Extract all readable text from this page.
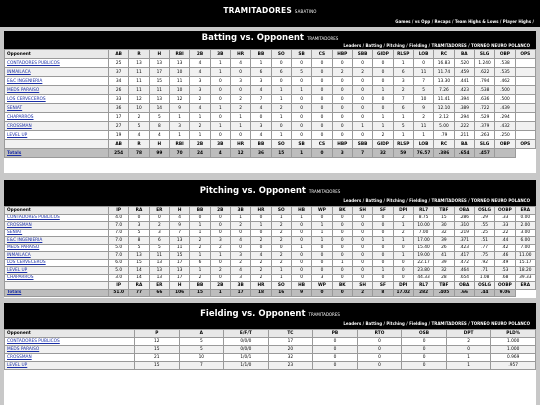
TRAMITADORES SABATINO
Games / vs Opp / Recaps / Team Highs & Lows / Player Highs /
Batting vs. Opponent TRAMITADORES
Leaders / Batting / Pitching / Fielding / TRAMITADORES / TORNEO NEURO POLANCO
Opponent	AB	R	H	RBI	2B	3B	HR	BB	SO	SB	CS	HBP	SBB	GIDP	RLSP	LOB	RC	BA	SLG	OBP	OPS
CONTADORES PUBLICOS	25	13	13	13	4	1	4	1	0	0	0	0	0	0	1	0	16.83	.520	1.240	.538	
INMAILACA	37	11	17	10	4	1	0	6	6	5	0	2	2	0	6	11	11.74	.459	.622	.535	
E&C INGENIERIA	34	11	15	11	3	0	3	3	0	0	0	0	0	0	3	7	13.30	.441	.794	.462	
MEDS PARAISO	26	11	11	10	3	0	0	4	1	1	0	0	0	1	2	5	7.26	.423	.538	.500	
LOS CERVECEROS	33	12	13	12	2	0	2	7	1	0	0	0	0	0	7	10	11.41	.394	.636	.500	
SENIAT	36	10	14	9	4	1	2	4	2	0	0	0	0	0	6	9	12.10	.389	.722	.439	
CHAPARROS	17	2	5	1	1	0	1	0	1	0	0	0	0	1	1	2	2.12	.294	.529	.294	
CROSSMAN	27	5	8	3	2	1	1	3	0	0	0	0	1	1	5	11	5.00	.222	.379	.432	
LEVEL UP	19	4	4	1	1	0	0	4	1	0	0	0	0	2	1	1	.79	.211	.263	.250	
	AB	R	H	RBI	2B	3B	HR	BB	SO	SB	CS	HBP	SBB	GIDP	RLSP	LOB	RC	BA	SLG	OBP	OPS
Totals	254	78	99	70	24	4	12	36	15	1	0	3	7	32	59	76.57	.386	.654	.457		
Pitching vs. Opponent TRAMITADORES
Leaders / Batting / Pitching / Fielding / TRAMITADORES / TORNEO NEURO POLANCO
Opponent	IP	RA	ER	H	BB	2B	3B	HR	SO	HB	WP	BK	SH	SF	DPI	RL7	TBF	OBA	OSLG	OOBP	ERA
CONTADORES PUBLICOS	4.0	0	0	4	0	0	1	0	1	1	0	0	0	0	2	8.75	15	.286	.29	.33	0.00
CROSSMAN	7.0	3	2	9	1	0	2	1	2	0	1	0	0	0	1	10.00	30	.310	.55	.33	2.00
SENIAT	7.0	5	3	7	1	0	0	0	2	0	1	0	0	0	2	7.00	32	.219	.25	.22	3.00
E&C INGENIERIA	7.0	8	6	13	2	3	4	2	2	0	1	0	0	1	1	17.00	39	.371	.51	.44	6.00
MEDS PARAISO	5.0	5	5	11	2	2	0	0	0	1	0	0	0	0	0	15.40	26	.423	.77	.42	7.00
INMAILACA	7.0	13	11	15	1	1	3	4	2	0	0	0	0	0	1	19.00	41	.417	.75	.46	11.00
LOS CERVECEROS	6.0	15	13	17	6	0	2	2	2	0	0	1	0	0	0	22.17	39	.472	.92	.49	15.17
LEVEL UP	5.0	14	13	13	1	2	4	2	1	0	0	0	0	1	0	23.80	32	.464	.71	.53	18.20
CHAPARROS	3.0	14	13	17	2	0	3	2	1	0	3	0	0	0	0	44.33	28	.654	1.08	.68	39.33
	IP	RA	ER	H	BB	2B	3B	HR	SO	HB	WP	BK	SH	SF	DPI	RL7	TBF	OBA	OSLG	OOBP	ERA
Totals	51.0	77	66	106	15	1	17	18	16	9	0	0	2	8	17.02	282	.405	.66	.44	9.06	
Fielding vs. Opponent TRAMITADORES
Leaders / Batting / Pitching / Fielding / TRAMITADORES / TORNEO NEURO POLANCO
Opponent	P	A	E/F/T	TC	PB	RTO	OSB	DPT	PLD%
CONTADORES PUBLICOS	12	5	0/0/0	17	0	0	0	2	1.000
MEDS PARAISO	15	5	0/0/0	20	0	0	0	0	1.000
CROSSMAN	21	10	1/0/1	32	0	0	0	1	0.969
LEVEL UP	15	7	1/1/0	23	0	0	0	1	.957
